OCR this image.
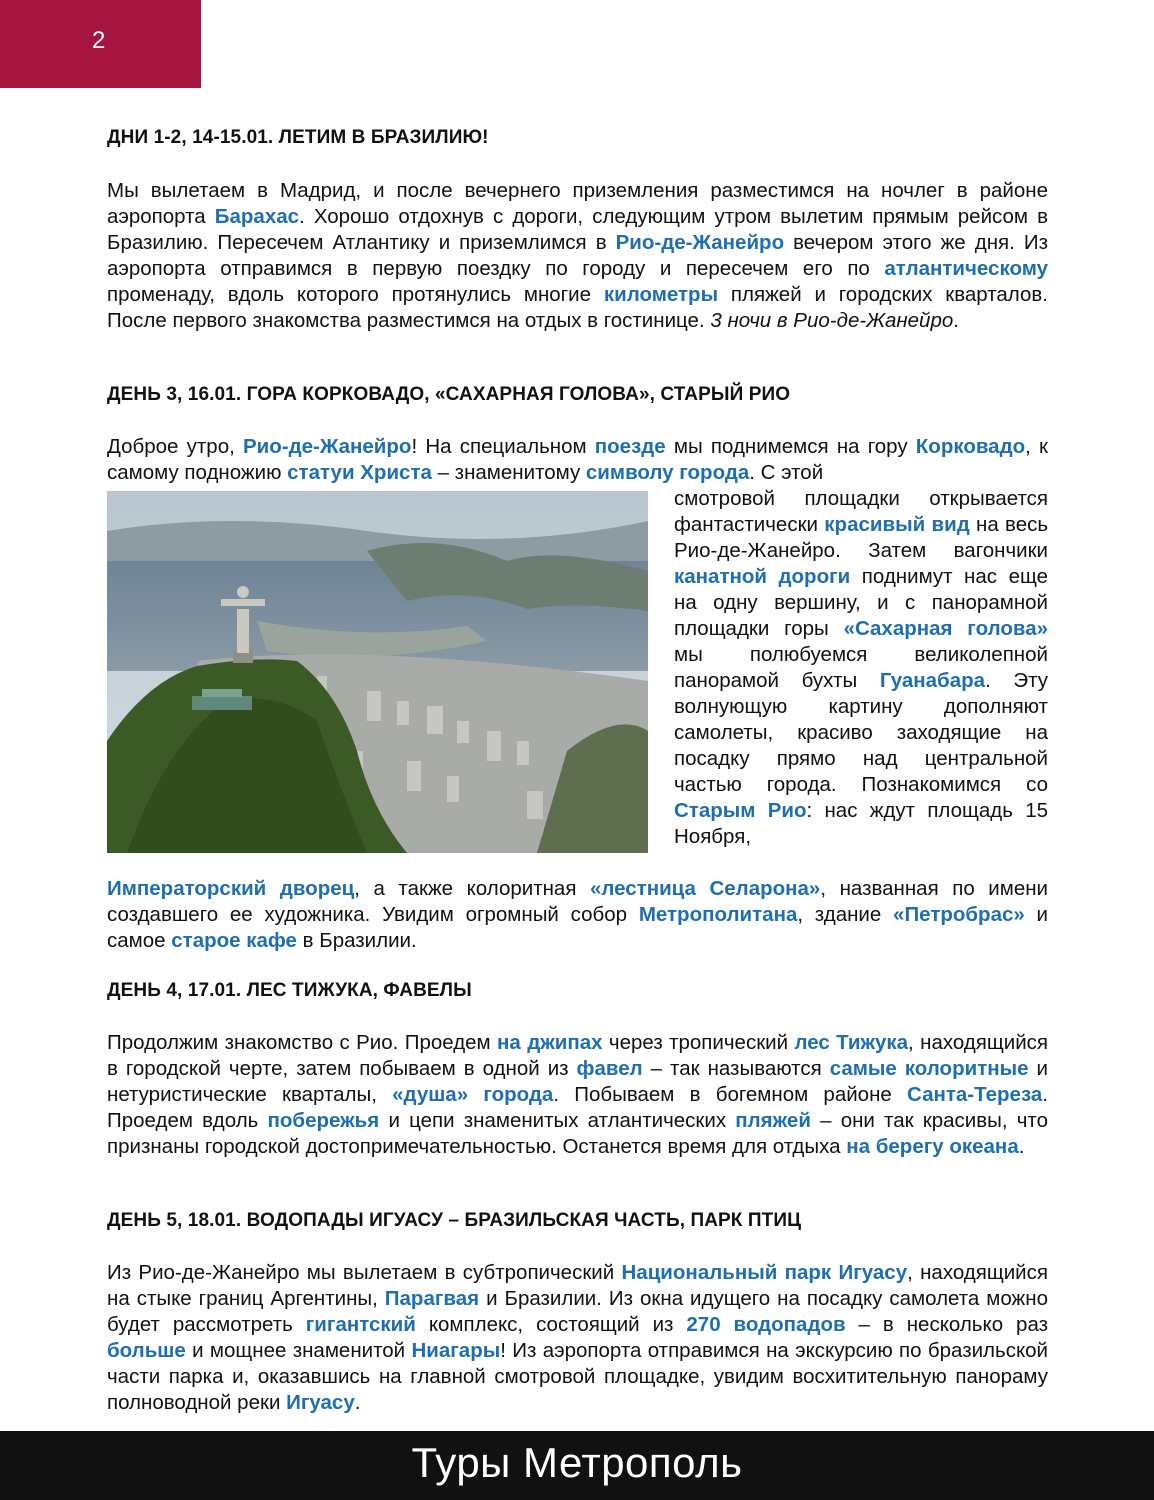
2
ДНИ 1-2, 14-15.01. ЛЕТИМ В БРАЗИЛИЮ!

Мы вылетаем в Мадрид, и после вечернего приземления разместимся на ночлег в районе аэропорта Барахас. Хорошо отдохнув с дороги, следующим утром вылетим прямым рейсом в Бразилию. Пересечем Атлантику и приземлимся в Рио-де-Жанейро вечером этого же дня. Из аэропорта отправимся в первую поездку по городу и пересечем его по атлантическому променаду, вдоль которого протянулись многие километры пляжей и городских кварталов. После первого знакомства разместимся на отдых в гостинице. 3 ночи в Рио-де-Жанейро.

ДЕНЬ 3, 16.01. ГОРА КОРКОВАДО, «САХАРНАЯ ГОЛОВА», СТАРЫЙ РИО

Доброе утро, Рио-де-Жанейро! На специальном поезде мы поднимемся на гору Корковадо, к самому подножию статуи Христа – знаменитому символу города. С этой

Императорский дворец, а также колоритная «лестница Селарона», названная по имени создавшего ее художника. Увидим огромный собор Метрополитана, здание «Петробрас» и самое старое кафе в Бразилии.

ДЕНЬ 4, 17.01. ЛЕС ТИЖУКА, ФАВЕЛЫ

Продолжим знакомство с Рио. Проедем на джипах через тропический лес Тижука, находящийся в городской черте, затем побываем в одной из фавел – так называются самые колоритные и нетуристические кварталы, «душа» города. Побываем в богемном районе Санта-Тереза. Проедем вдоль побережья и цепи знаменитых атлантических пляжей – они так красивы, что признаны городской достопримечательностью. Останется время для отдыха на берегу океана.

ДЕНЬ 5, 18.01. ВОДОПАДЫ ИГУАСУ – БРАЗИЛЬСКАЯ ЧАСТЬ, ПАРК ПТИЦ

Из Рио-де-Жанейро мы вылетаем в субтропический Национальный парк Игуасу, находящийся на стыке границ Аргентины, Парагвая и Бразилии. Из окна идущего на посадку самолета можно будет рассмотреть гигантский комплекс, состоящий из 270 водопадов – в несколько раз больше и мощнее знаменитой Ниагары! Из аэропорта отправимся на экскурсию по бразильской части парка и, оказавшись на главной смотровой площадке, увидим восхитительную панораму полноводной реки Игуасу.

смотровой площадки открывается фантастически красивый вид на весь Рио-де-Жанейро. Затем вагончики канатной дороги поднимут нас еще на одну вершину, и с панорамной площадки горы «Сахарная голова» мы полюбуемся великолепной панорамой бухты Гуанабара. Эту волнующую картину дополняют самолеты, красиво заходящие на посадку прямо над центральной частью города. Познакомимся со Старым Рио: нас ждут площадь 15 Ноября,

Туры Метрополь
